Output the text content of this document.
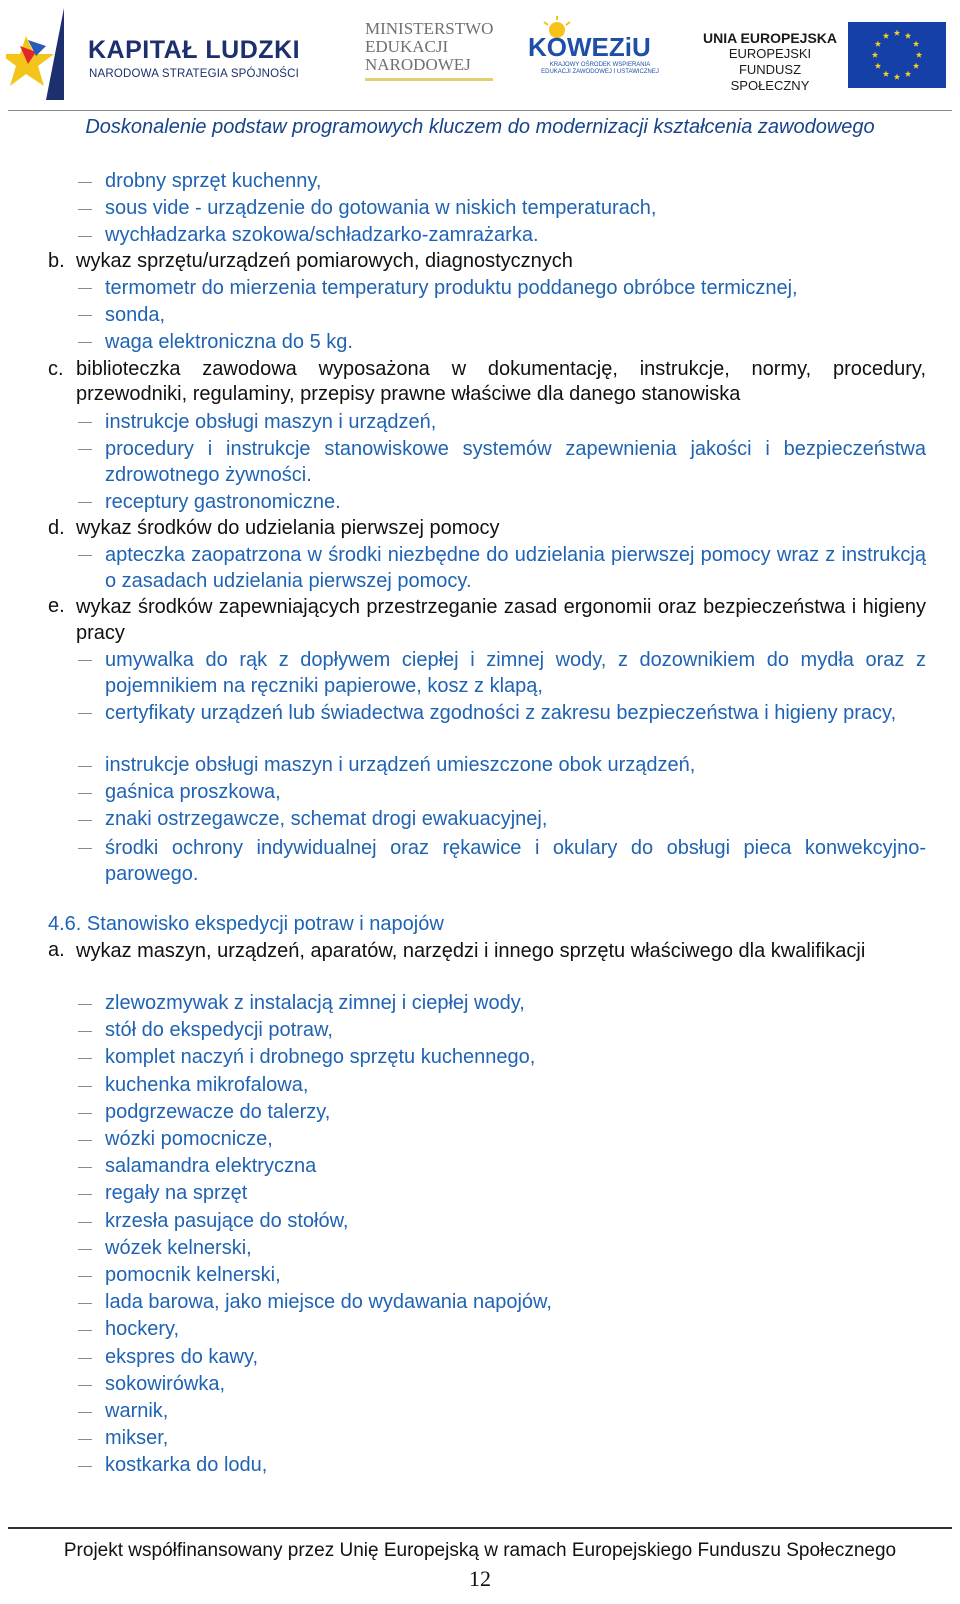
KAPITAŁ LUDZKI
NARODOWA STRATEGIA SPÓJNOŚCI
MINISTERSTWO
EDUKACJI
NARODOWEJ
KOWEZiU
KRAJOWY OŚRODEK WSPIERANIA EDUKACJI ZAWODOWEJ I USTAWICZNEJ
UNIA EUROPEJSKA
EUROPEJSKI
FUNDUSZ SPOŁECZNY
Doskonalenie podstaw programowych kluczem do modernizacji kształcenia zawodowego
drobny sprzęt kuchenny,
sous vide - urządzenie do gotowania w niskich temperaturach,
wychładzarka szokowa/schładzarko-zamrażarka.
b. wykaz sprzętu/urządzeń pomiarowych, diagnostycznych
termometr do mierzenia temperatury produktu poddanego obróbce termicznej,
sonda,
waga elektroniczna do 5 kg.
c. biblioteczka zawodowa wyposażona w dokumentację, instrukcje, normy, procedury, przewodniki, regulaminy, przepisy prawne właściwe dla danego stanowiska
instrukcje obsługi maszyn i urządzeń,
procedury i instrukcje stanowiskowe systemów zapewnienia jakości i bezpieczeństwa zdrowotnego żywności.
receptury gastronomiczne.
d. wykaz środków do udzielania pierwszej pomocy
apteczka zaopatrzona w środki niezbędne do udzielania pierwszej pomocy wraz z instrukcją o zasadach udzielania pierwszej pomocy.
e. wykaz środków zapewniających przestrzeganie zasad ergonomii oraz bezpieczeństwa i higieny pracy
umywalka do rąk z dopływem ciepłej i zimnej wody, z dozownikiem do mydła oraz z pojemnikiem na ręczniki papierowe, kosz z klapą,
certyfikaty urządzeń lub świadectwa zgodności z zakresu bezpieczeństwa i higieny pracy,
instrukcje obsługi maszyn i urządzeń umieszczone obok urządzeń,
gaśnica proszkowa,
znaki ostrzegawcze, schemat drogi ewakuacyjnej,
środki ochrony indywidualnej oraz rękawice i okulary do obsługi pieca konwekcyjno-parowego.
4.6. Stanowisko ekspedycji potraw i napojów
a. wykaz maszyn, urządzeń, aparatów, narzędzi i innego sprzętu właściwego dla kwalifikacji
zlewozmywak z instalacją zimnej i ciepłej wody,
stół do ekspedycji potraw,
komplet naczyń i drobnego sprzętu kuchennego,
kuchenka mikrofalowa,
podgrzewacze do talerzy,
wózki pomocnicze,
salamandra elektryczna
regały na sprzęt
krzesła pasujące do stołów,
wózek kelnerski,
pomocnik kelnerski,
lada barowa, jako miejsce do wydawania napojów,
hockery,
ekspres do kawy,
sokowirówka,
warnik,
mikser,
kostkarka do lodu,
Projekt współfinansowany przez Unię Europejską w ramach Europejskiego Funduszu Społecznego
12
